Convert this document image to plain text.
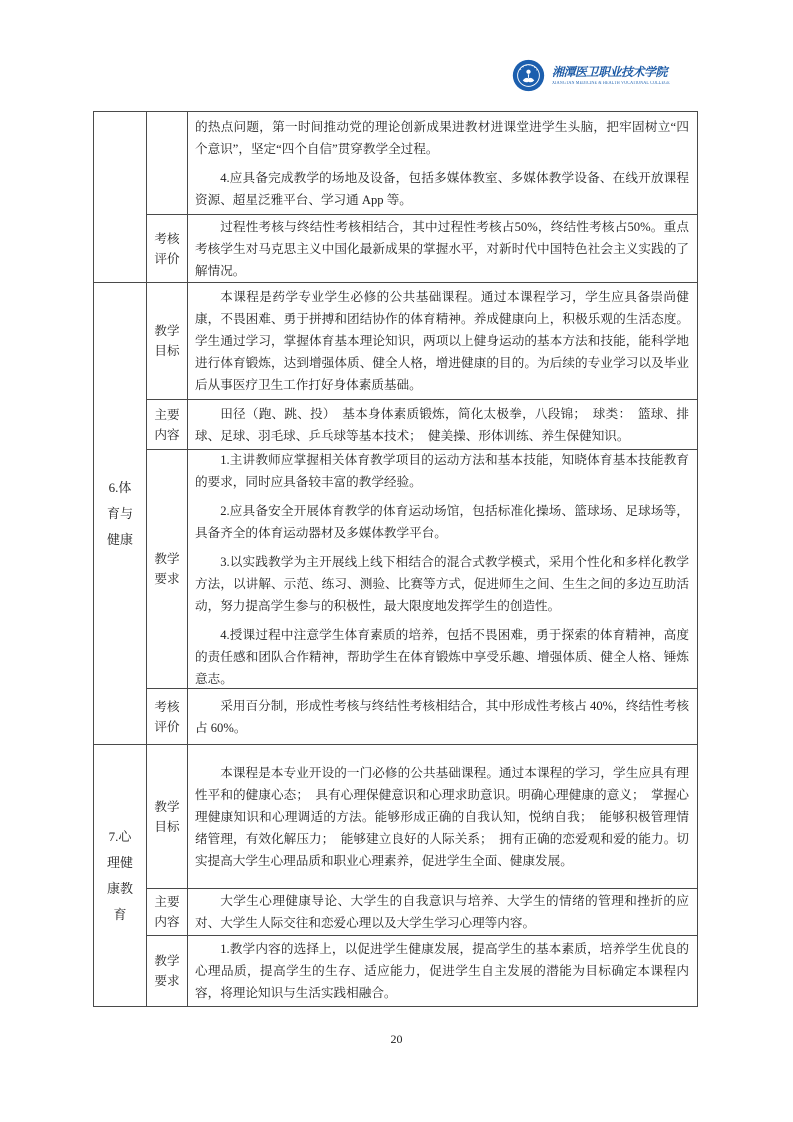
湘潭医卫职业技术学院
XIANGTAN MEDICINE & HEALTH VOCATIONAL COLLEGE

的热点问题，第一时间推动党的理论创新成果进教材进课堂进学生头脑，把牢固树立“四个意识”，坚定“四个自信”贯穿教学全过程。

4.应具备完成教学的场地及设备，包括多媒体教室、多媒体教学设备、在线开放课程资源、超星泛雅平台、学习通 App 等。

考核评价

过程性考核与终结性考核相结合，其中过程性考核占50%，终结性考核占50%。重点考核学生对马克思主义中国化最新成果的掌握水平，对新时代中国特色社会主义实践的了解情况。

6.体育与健康
教学目标

本课程是药学专业学生必修的公共基础课程。通过本课程学习，学生应具备崇尚健康，不畏困难、勇于拼搏和团结协作的体育精神。养成健康向上，积极乐观的生活态度。学生通过学习，掌握体育基本理论知识，两项以上健身运动的基本方法和技能，能科学地进行体育锻炼，达到增强体质、健全人格，增进健康的目的。为后续的专业学习以及毕业后从事医疗卫生工作打好身体素质基础。

主要内容

田径（跑、跳、投）　基本身体素质锻炼，简化太极拳，八段锦；　球类：　篮球、排球、足球、羽毛球、乒乓球等基本技术；　健美操、形体训练、养生保健知识。

教学要求

1.主讲教师应掌握相关体育教学项目的运动方法和基本技能，知晓体育基本技能教育的要求，同时应具备较丰富的教学经验。

2.应具备安全开展体育教学的体育运动场馆，包括标准化操场、篮球场、足球场等，具备齐全的体育运动器材及多媒体教学平台。

3.以实践教学为主开展线上线下相结合的混合式教学模式，采用个性化和多样化教学方法，以讲解、示范、练习、测验、比赛等方式，促进师生之间、生生之间的多边互助活动，努力提高学生参与的积极性，最大限度地发挥学生的创造性。

4.授课过程中注意学生体育素质的培养，包括不畏困难，勇于探索的体育精神，高度的责任感和团队合作精神，帮助学生在体育锻炼中享受乐趣、增强体质、健全人格、锤炼意志。

考核评价

采用百分制，形成性考核与终结性考核相结合，其中形成性考核占 40%，终结性考核占 60%。

7.心理健康教育
教学目标

本课程是本专业开设的一门必修的公共基础课程。通过本课程的学习，学生应具有理性平和的健康心态；　具有心理保健意识和心理求助意识。明确心理健康的意义；　掌握心理健康知识和心理调适的方法。能够形成正确的自我认知，悦纳自我；　能够积极管理情绪管理，有效化解压力；　能够建立良好的人际关系；　拥有正确的恋爱观和爱的能力。切实提高大学生心理品质和职业心理素养，促进学生全面、健康发展。

主要内容

大学生心理健康导论、大学生的自我意识与培养、大学生的情绪的管理和挫折的应对、大学生人际交往和恋爱心理以及大学生学习心理等内容。

教学要求

1.教学内容的选择上，以促进学生健康发展，提高学生的基本素质，培养学生优良的心理品质，提高学生的生存、适应能力，促进学生自主发展的潜能为目标确定本课程内容，将理论知识与生活实践相融合。

20
